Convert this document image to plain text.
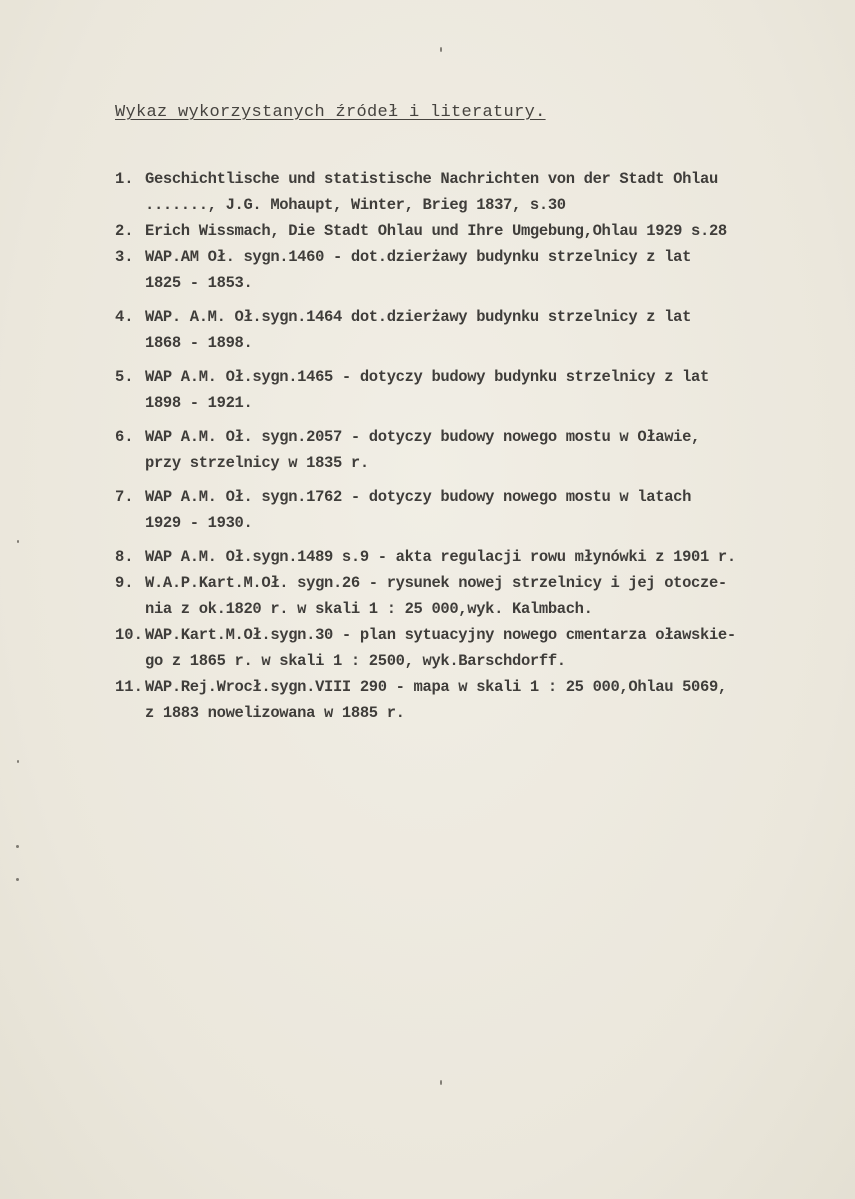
Wykaz wykorzystanych źródeł i literatury.
1. Geschichtlische und statistische Nachrichten von der Stadt Ohlau
......., J.G. Mohaupt, Winter, Brieg 1837, s.30
2. Erich Wissmach, Die Stadt Ohlau und Ihre Umgebung,Ohlau 1929 s.28
3. WAP.AM Oł. sygn.1460 - dot.dzierżawy budynku strzelnicy z lat
1825 - 1853.
4. WAP. A.M. Oł.sygn.1464 dot.dzierżawy budynku strzelnicy z lat
1868 - 1898.
5. WAP A.M. Oł.sygn.1465 - dotyczy budowy budynku strzelnicy z lat
1898 - 1921.
6. WAP A.M. Oł. sygn.2057 - dotyczy budowy nowego mostu w Oławie,
przy strzelnicy w 1835 r.
7. WAP A.M. Oł. sygn.1762 - dotyczy budowy nowego mostu w latach
1929 - 1930.
8. WAP A.M. Oł.sygn.1489 s.9 - akta regulacji rowu młynówki z 1901 r.
9. W.A.P.Kart.M.Oł. sygn.26 - rysunek nowej strzelnicy i jej otocze-
nia z ok.1820 r. w skali 1 : 25 000,wyk. Kalmbach.
10. WAP.Kart.M.Oł.sygn.30 - plan sytuacyjny nowego cmentarza oławskie-
go z 1865 r. w skali 1 : 2500, wyk.Barschdorff.
11. WAP.Rej.Wrocł.sygn.VIII 290 - mapa w skali 1 : 25 000,Ohlau 5069,
z 1883 nowelizowana w 1885 r.
